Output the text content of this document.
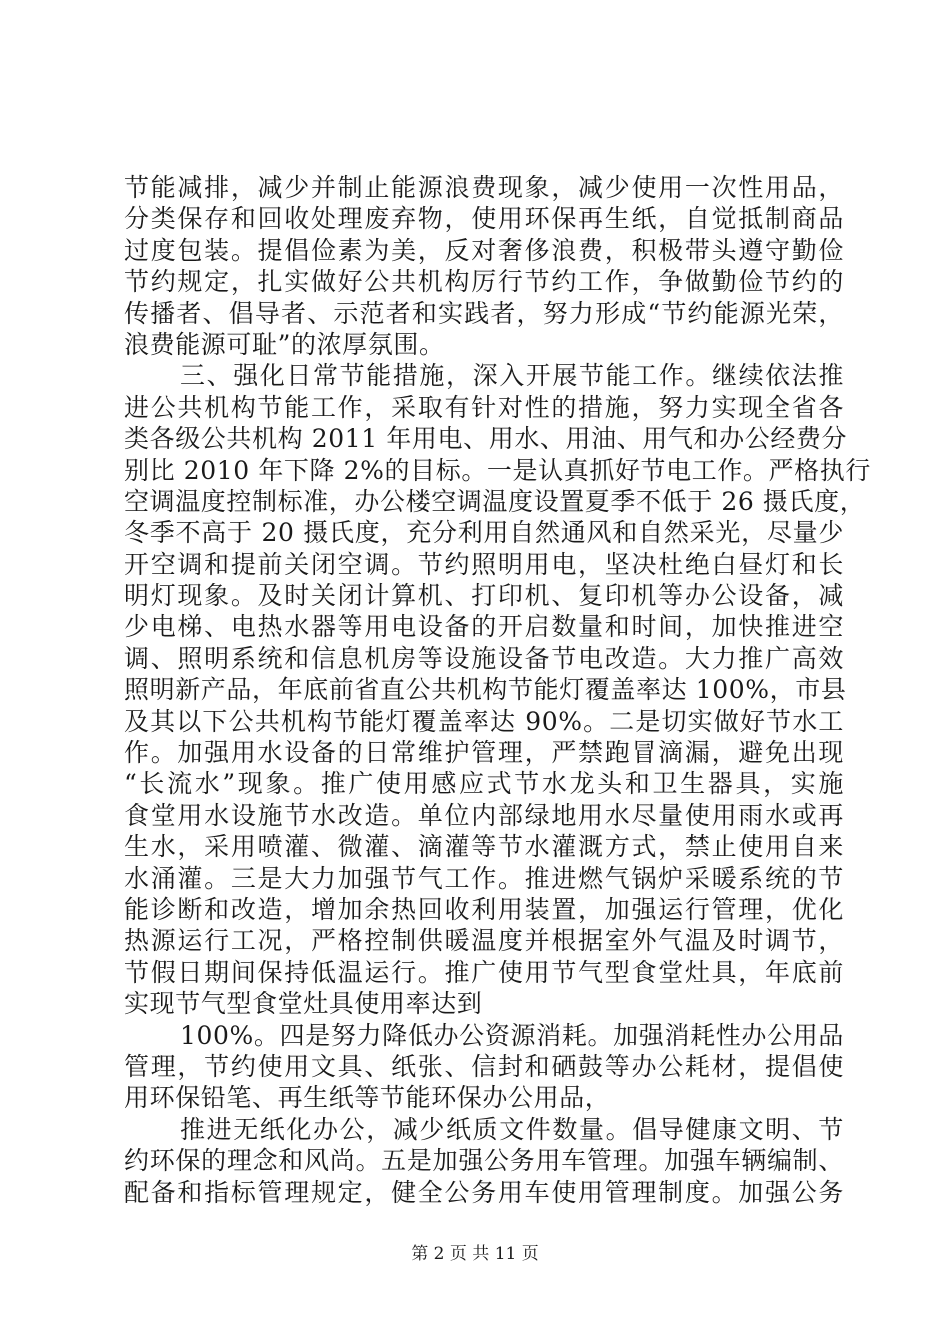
节能减排，减少并制止能源浪费现象，减少使用一次性用品，
分类保存和回收处理废弃物，使用环保再生纸，自觉抵制商品
过度包装。提倡俭素为美，反对奢侈浪费，积极带头遵守勤俭
节约规定，扎实做好公共机构厉行节约工作，争做勤俭节约的
传播者、倡导者、示范者和实践者，努力形成“节约能源光荣，
浪费能源可耻”的浓厚氛围。
三、强化日常节能措施，深入开展节能工作。继续依法推
进公共机构节能工作，采取有针对性的措施，努力实现全省各
类各级公共机构 2011 年用电、用水、用油、用气和办公经费分
别比 2010 年下降 2%的目标。一是认真抓好节电工作。严格执行
空调温度控制标准，办公楼空调温度设置夏季不低于 26 摄氏度，
冬季不高于 20 摄氏度，充分利用自然通风和自然采光，尽量少
开空调和提前关闭空调。节约照明用电，坚决杜绝白昼灯和长
明灯现象。及时关闭计算机、打印机、复印机等办公设备，减
少电梯、电热水器等用电设备的开启数量和时间，加快推进空
调、照明系统和信息机房等设施设备节电改造。大力推广高效
照明新产品，年底前省直公共机构节能灯覆盖率达 100%，市县
及其以下公共机构节能灯覆盖率达 90%。二是切实做好节水工
作。加强用水设备的日常维护管理，严禁跑冒滴漏，避免出现
“长流水”现象。推广使用感应式节水龙头和卫生器具，实施
食堂用水设施节水改造。单位内部绿地用水尽量使用雨水或再
生水，采用喷灌、微灌、滴灌等节水灌溉方式，禁止使用自来
水涌灌。三是大力加强节气工作。推进燃气锅炉采暖系统的节
能诊断和改造，增加余热回收利用装置，加强运行管理，优化
热源运行工况，严格控制供暖温度并根据室外气温及时调节，
节假日期间保持低温运行。推广使用节气型食堂灶具，年底前
实现节气型食堂灶具使用率达到
100%。四是努力降低办公资源消耗。加强消耗性办公用品
管理，节约使用文具、纸张、信封和硒鼓等办公耗材，提倡使
用环保铅笔、再生纸等节能环保办公用品，
推进无纸化办公，减少纸质文件数量。倡导健康文明、节
约环保的理念和风尚。五是加强公务用车管理。加强车辆编制、
配备和指标管理规定，健全公务用车使用管理制度。加强公务
第 2 页 共 11 页
